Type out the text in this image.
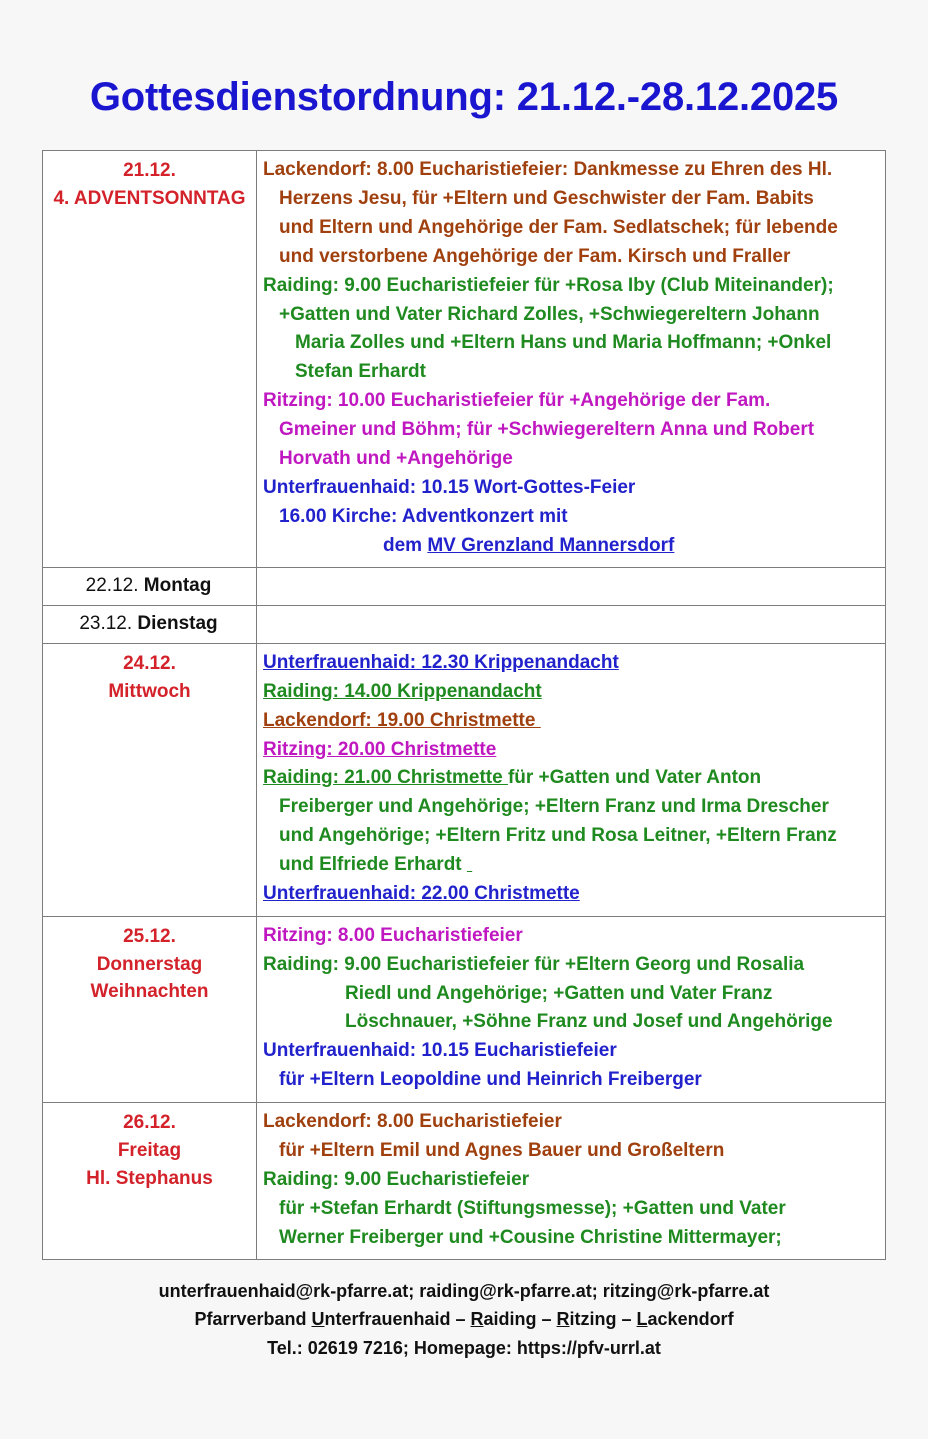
Gottesdienstordnung: 21.12.-28.12.2025
21.12.
4. ADVENTSONNTAG

Lackendorf: 8.00 Eucharistiefeier: Dankmesse zu Ehren des Hl.
Herzens Jesu, für +Eltern und Geschwister der Fam. Babits
und Eltern und Angehörige der Fam. Sedlatschek; für lebende
und verstorbene Angehörige der Fam. Kirsch und Fraller
Raiding: 9.00 Eucharistiefeier für +Rosa Iby (Club Miteinander);
+Gatten und Vater Richard Zolles, +Schwiegereltern Johann
Maria Zolles und +Eltern Hans und Maria Hoffmann; +Onkel
Stefan Erhardt
Ritzing: 10.00 Eucharistiefeier für +Angehörige der Fam.
Gmeiner und Böhm; für +Schwiegereltern Anna und Robert
Horvath und +Angehörige
Unterfrauenhaid: 10.15 Wort-Gottes-Feier
16.00 Kirche: Adventkonzert mit
dem MV Grenzland Mannersdorf

22.12. Montag	

23.12. Dienstag	

24.12.
Mittwoch

Unterfrauenhaid: 12.30 Krippenandacht
Raiding: 14.00 Krippenandacht
Lackendorf: 19.00 Christmette
Ritzing: 20.00 Christmette
Raiding: 21.00 Christmette für +Gatten und Vater Anton
Freiberger und Angehörige; +Eltern Franz und Irma Drescher
und Angehörige; +Eltern Fritz und Rosa Leitner, +Eltern Franz
und Elfriede Erhardt
Unterfrauenhaid: 22.00 Christmette

25.12.
Donnerstag
Weihnachten

Ritzing: 8.00 Eucharistiefeier
Raiding: 9.00 Eucharistiefeier für +Eltern Georg und Rosalia
Riedl und Angehörige; +Gatten und Vater Franz
Löschnauer, +Söhne Franz und Josef und Angehörige
Unterfrauenhaid: 10.15 Eucharistiefeier
für +Eltern Leopoldine und Heinrich Freiberger

26.12.
Freitag
Hl. Stephanus

Lackendorf: 8.00 Eucharistiefeier
für +Eltern Emil und Agnes Bauer und Großeltern
Raiding: 9.00 Eucharistiefeier
für +Stefan Erhardt (Stiftungsmesse); +Gatten und Vater
Werner Freiberger und +Cousine Christine Mittermayer;
unterfrauenhaid@rk-pfarre.at; raiding@rk-pfarre.at; ritzing@rk-pfarre.at
Pfarrverband Unterfrauenhaid – Raiding – Ritzing – Lackendorf
Tel.: 02619 7216; Homepage: https://pfv-urrl.at
